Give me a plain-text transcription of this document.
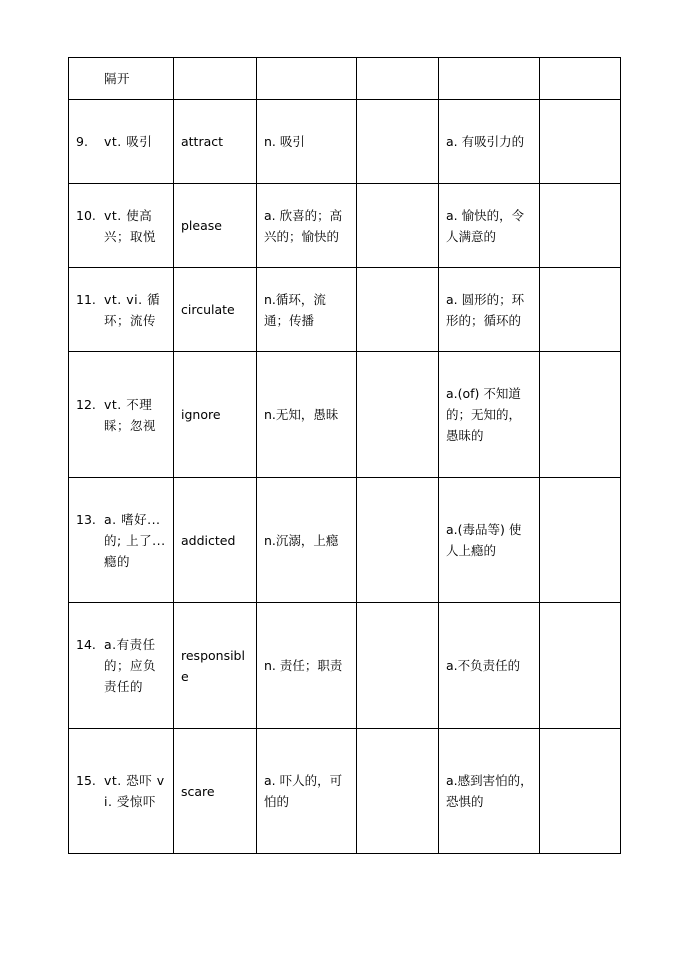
隔开					

9. vt. 吸引	attract	n. 吸引		a. 有吸引力的	

10. vt. 使高兴；取悦	please	a. 欣喜的；高兴的；愉快的		a. 愉快的，令人满意的	

11. vt. vi. 循环；流传	circulate	n.循环，流通；传播		a. 圆形的；环形的；循环的	

12. vt. 不理睬；忽视	ignore	n.无知，愚昧		a.(of) 不知道的；无知的，愚昧的	

13. a. 嗜好...的; 上了...瘾的	addicted	n.沉溺，上瘾		a.(毒品等) 使人上瘾的	

14. a.有责任的；应负责任的	responsible	n. 责任；职责		a.不负责任的	

15. vt. 恐吓 vi. 受惊吓	scare	a. 吓人的，可怕的		a.感到害怕的，恐惧的	
